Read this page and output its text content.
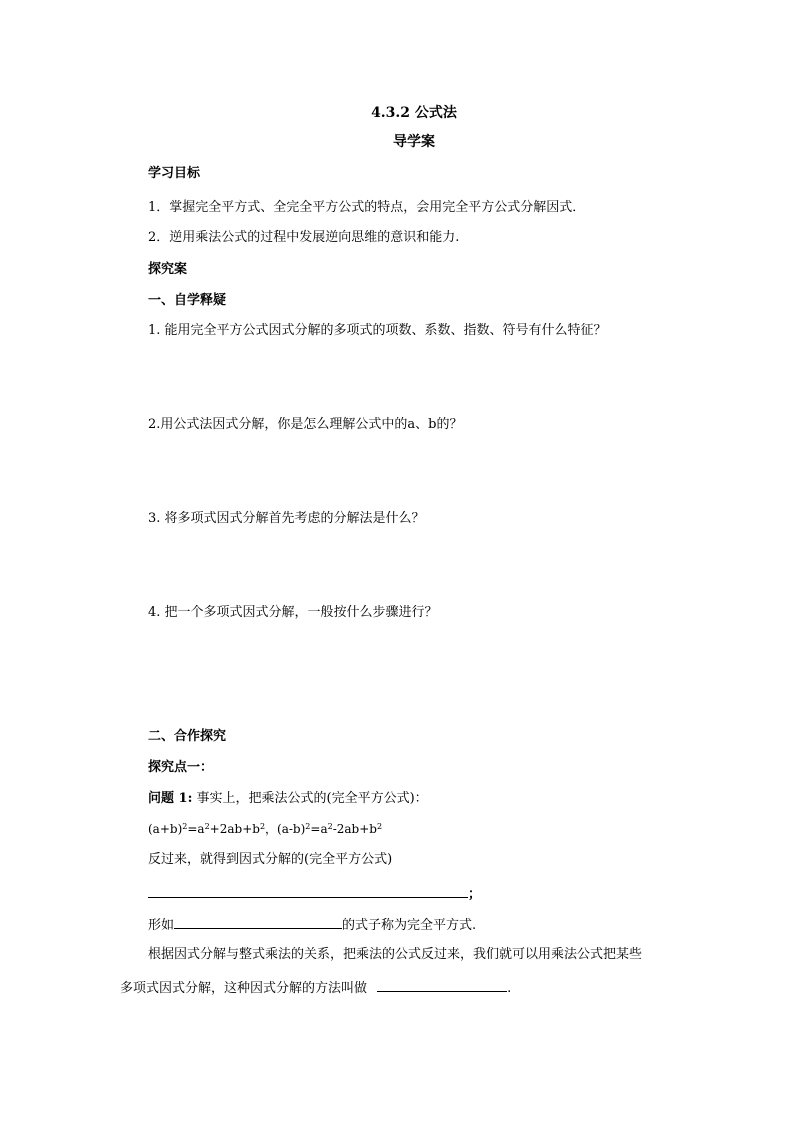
4.3.2 公式法
导学案
学习目标
1．掌握完全平方式、全完全平方公式的特点，会用完全平方公式分解因式．
2．逆用乘法公式的过程中发展逆向思维的意识和能力.
探究案
一、自学释疑
1. 能用完全平方公式因式分解的多项式的项数、系数、指数、符号有什么特征？
2.用公式法因式分解，你是怎么理解公式中的a、b的？
3. 将多项式因式分解首先考虑的分解法是什么？
4. 把一个多项式因式分解，一般按什么步骤进行？
二、合作探究
探究点一：
问题 1: 事实上，把乘法公式的(完全平方公式)：
$(a+b)^2=a^2+2ab+b^2$，$(a-b)^2=a^2-2ab+b^2$
反过来，就得到因式分解的(完全平方公式)
；
形如	的式子称为完全平方式.
根据因式分解与整式乘法的关系，把乘法的公式反过来，我们就可以用乘法公式把某些
多项式因式分解，这种因式分解的方法叫做	.
